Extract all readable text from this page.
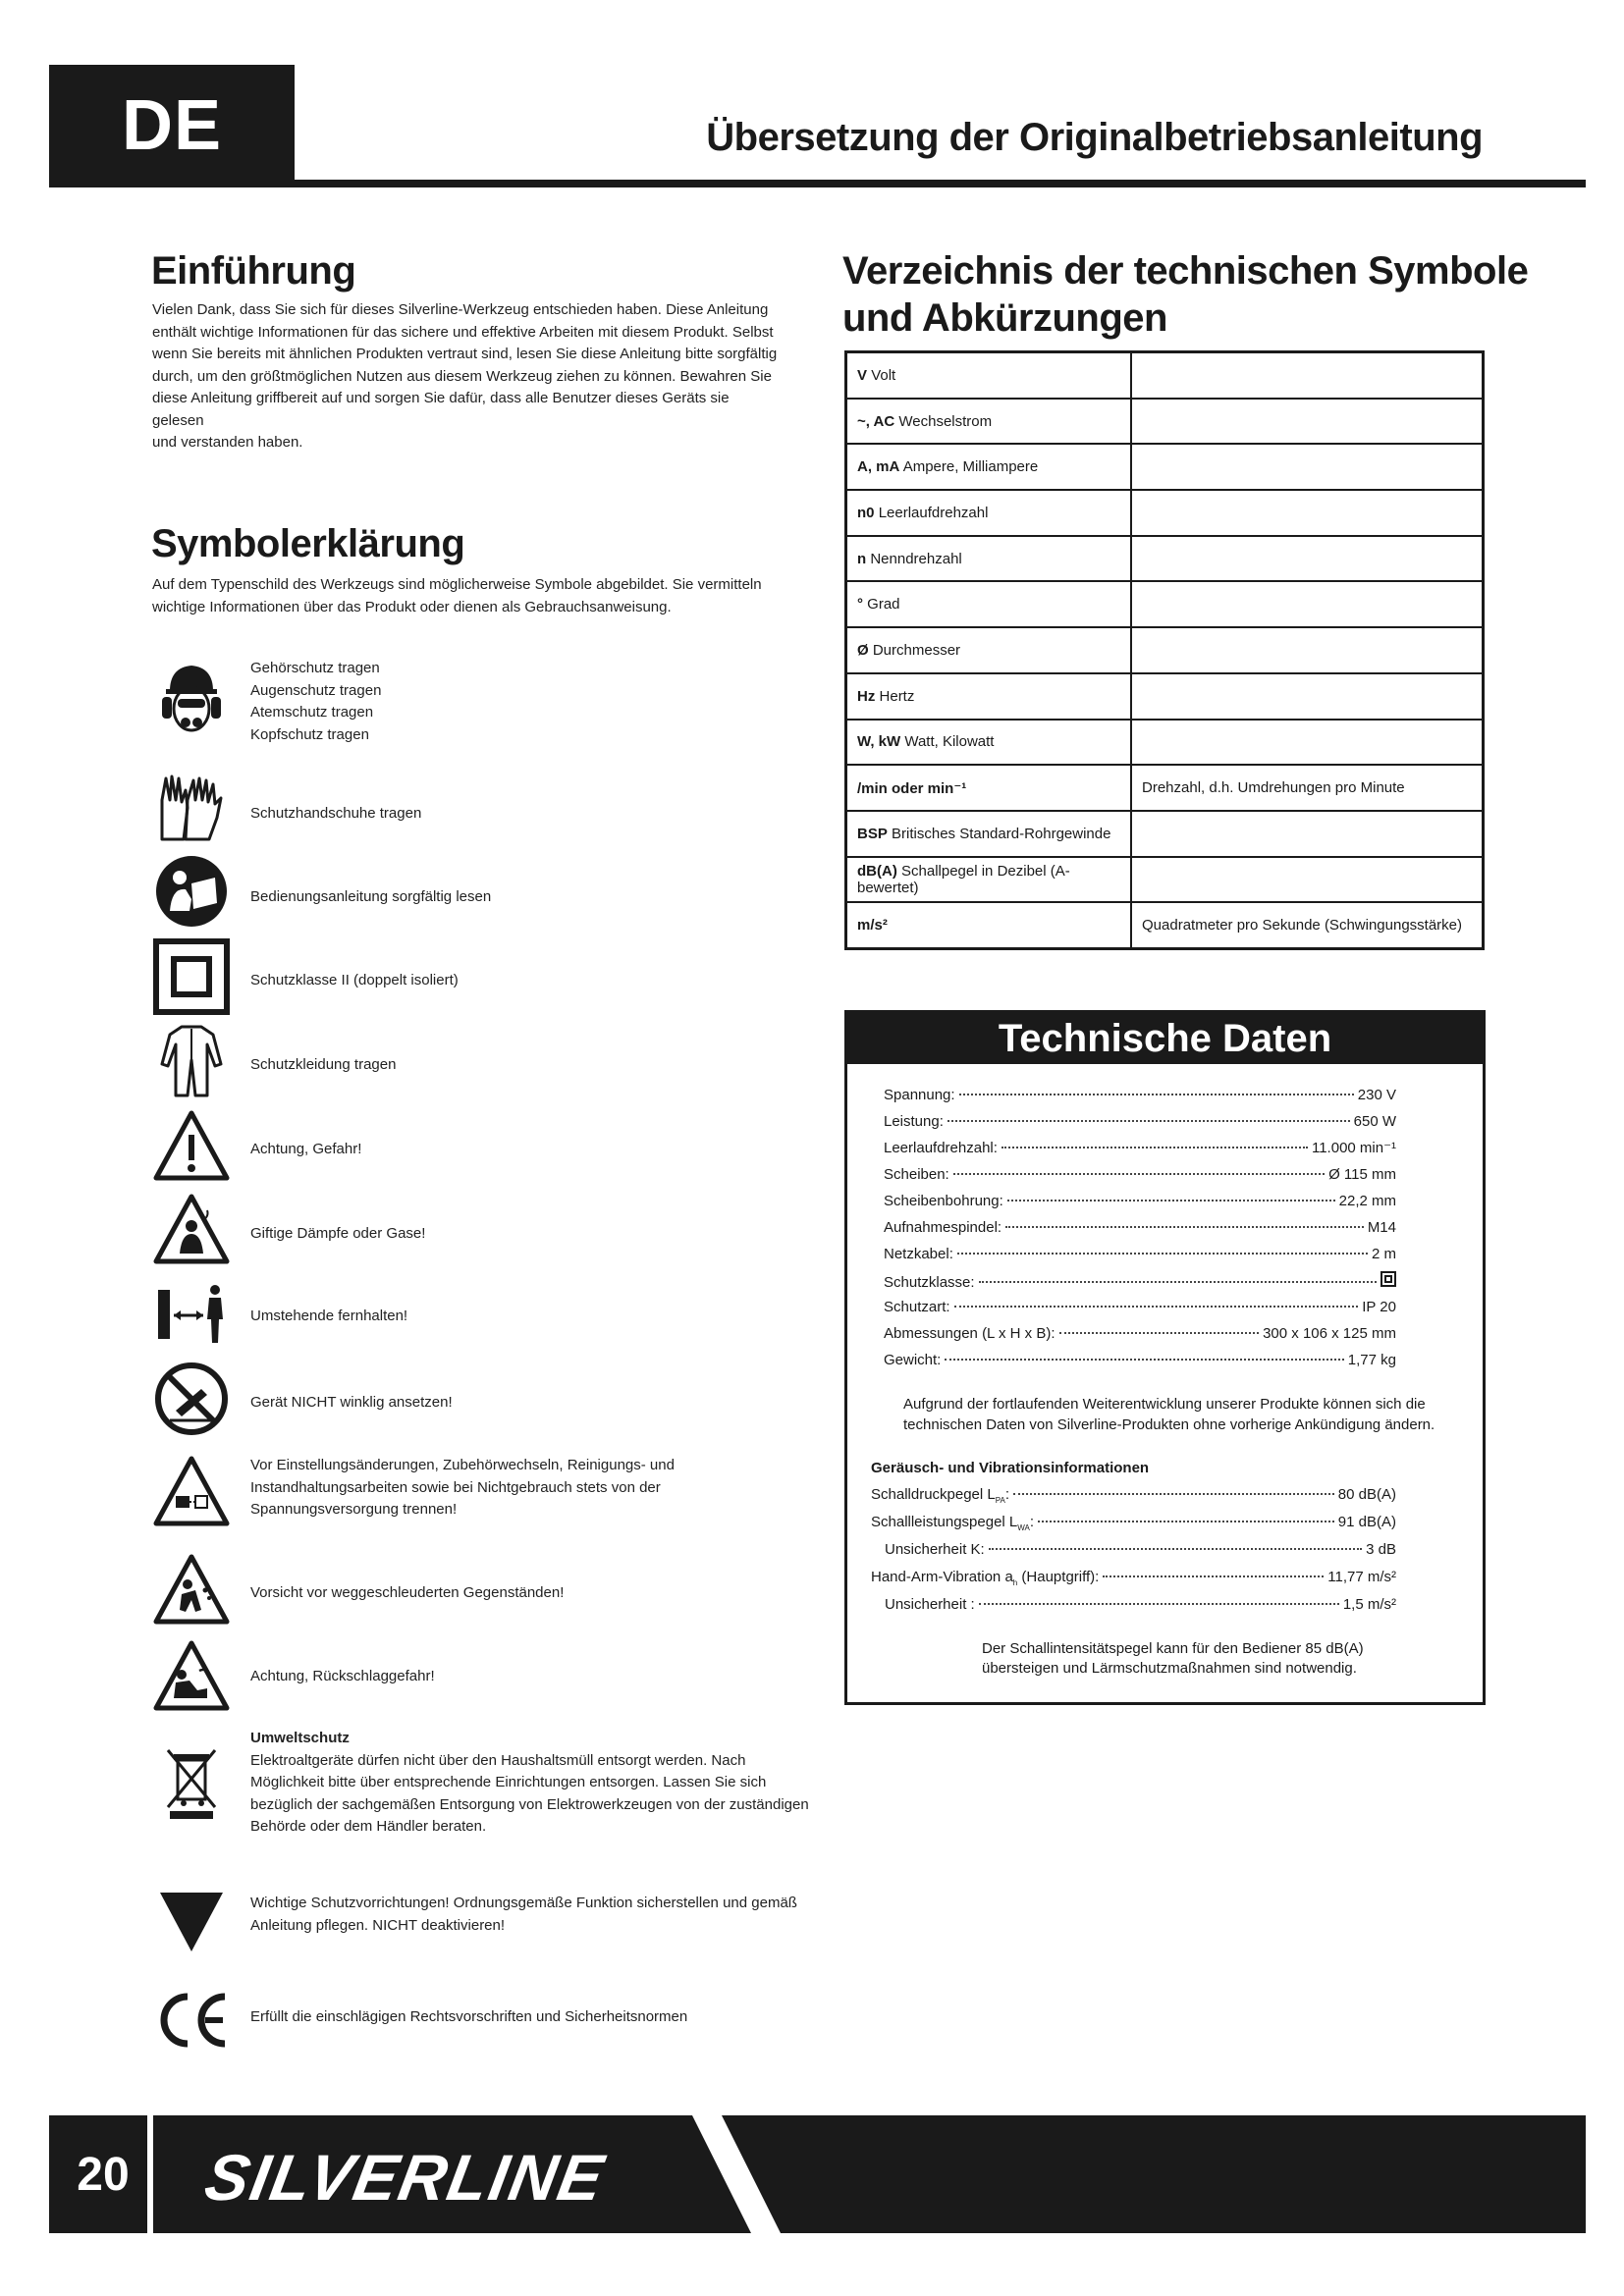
DE	Übersetzung der Originalbetriebsanleitung
Einführung
Vielen Dank, dass Sie sich für dieses Silverline-Werkzeug entschieden haben. Diese Anleitung
enthält wichtige Informationen für das sichere und effektive Arbeiten mit diesem Produkt. Selbst
wenn Sie bereits mit ähnlichen Produkten vertraut sind, lesen Sie diese Anleitung bitte sorgfältig
durch, um den größtmöglichen Nutzen aus diesem Werkzeug ziehen zu können. Bewahren Sie
diese Anleitung griffbereit auf und sorgen Sie dafür, dass alle Benutzer dieses Geräts sie gelesen
und verstanden haben.
Symbolerklärung
Auf dem Typenschild des Werkzeugs sind möglicherweise Symbole abgebildet. Sie vermitteln
wichtige Informationen über das Produkt oder dienen als Gebrauchsanweisung.
Gehörschutz tragen
Augenschutz tragen
Atemschutz tragen
Kopfschutz tragen
Schutzhandschuhe tragen
Bedienungsanleitung sorgfältig lesen
Schutzklasse II (doppelt isoliert)
Schutzkleidung tragen
Achtung, Gefahr!
Giftige Dämpfe oder Gase!
Umstehende fernhalten!
Gerät NICHT winklig ansetzen!
Vor Einstellungsänderungen, Zubehörwechseln, Reinigungs- und
Instandhaltungsarbeiten sowie bei Nichtgebrauch stets von der
Spannungsversorgung trennen!
Vorsicht vor weggeschleuderten Gegenständen!
Achtung, Rückschlaggefahr!
Umweltschutz
Elektroaltgeräte dürfen nicht über den Haushaltsmüll entsorgt werden. Nach
Möglichkeit bitte über entsprechende Einrichtungen entsorgen. Lassen Sie sich
bezüglich der sachgemäßen Entsorgung von Elektrowerkzeugen von der zuständigen
Behörde oder dem Händler beraten.
Wichtige Schutzvorrichtungen! Ordnungsgemäße Funktion sicherstellen und gemäß
Anleitung pflegen. NICHT deaktivieren!
Erfüllt die einschlägigen Rechtsvorschriften und Sicherheitsnormen
Verzeichnis der technischen Symbole
und Abkürzungen
V Volt	
~, AC Wechselstrom	
A, mA Ampere, Milliampere	
n0 Leerlaufdrehzahl	
n Nenndrehzahl	
° Grad	
Ø Durchmesser	
Hz Hertz	
W, kW Watt, Kilowatt	
/min oder min⁻¹	Drehzahl, d.h. Umdrehungen pro Minute
BSP Britisches Standard-Rohrgewinde	
dB(A) Schallpegel in Dezibel (A-bewertet)	
m/s²	Quadratmeter pro Sekunde (Schwingungsstärke)
Technische Daten
Spannung:	230 V
Leistung:	650 W
Leerlaufdrehzahl:	11.000 min⁻¹
Scheiben:	Ø 115 mm
Scheibenbohrung:	22,2 mm
Aufnahmespindel:	M14
Netzkabel:	2 m
Schutzklasse:
Schutzart:	IP 20
Abmessungen (L x H x B):	300 x 106 x 125 mm
Gewicht:	1,77 kg
Aufgrund der fortlaufenden Weiterentwicklung unserer Produkte können sich die
technischen Daten von Silverline-Produkten ohne vorherige Ankündigung ändern.
Geräusch- und Vibrationsinformationen
Schalldruckpegel $L_{PA}$:	80 dB(A)
Schallleistungspegel $L_{WA}$:	91 dB(A)
Unsicherheit K:	3 dB
Hand-Arm-Vibration $a_h$ (Hauptgriff):	11,77 m/s²
Unsicherheit :	1,5 m/s²
Der Schallintensitätspegel kann für den Bediener 85 dB(A)
übersteigen und Lärmschutzmaßnahmen sind notwendig.
20	SILVERLINE
